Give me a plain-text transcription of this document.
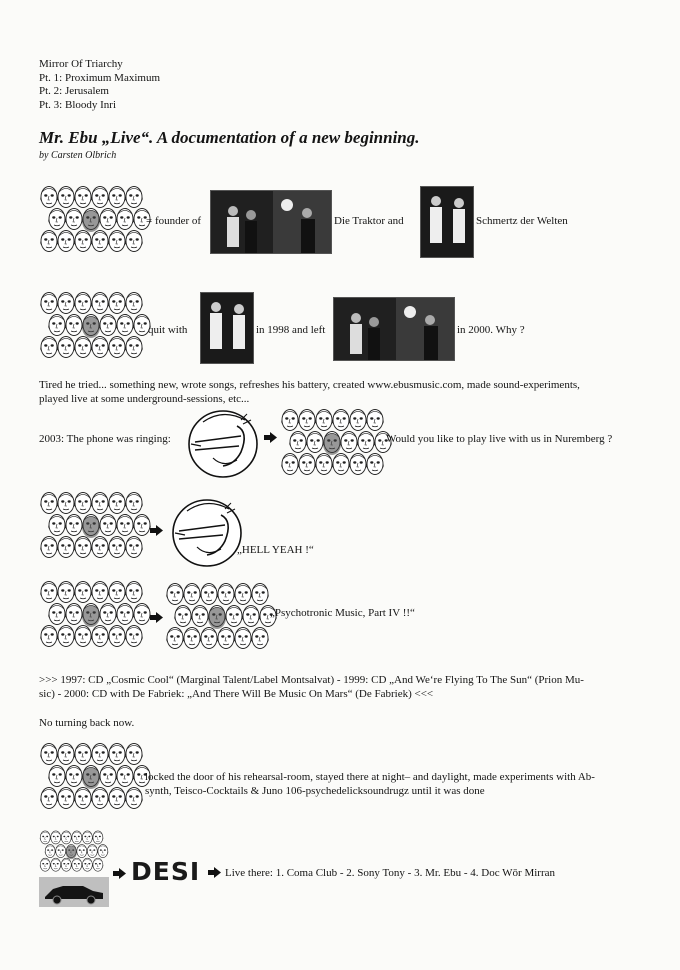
Mirror Of Triarchy
Pt. 1: Proximum Maximum
Pt. 2: Jerusalem
Pt. 3: Bloody Inri
Mr. Ebu „Live“. A documentation of a new beginning.
by Carsten Olbrich
= founder of	Die Traktor and	Schmertz der Welten
quit with	in 1998 and left	in 2000. Why ?
Tired he tried... something new, wrote songs, refreshes his battery, created www.ebusmusic.com, made sound-experiments,
played live at some underground-sessions, etc...
2003: The phone was ringing:	Would you like to play live with us in Nuremberg ?
„HELL YEAH !“
„Psychotronic Music, Part IV !!“
>>> 1997: CD „Cosmic Cool“ (Marginal Talent/Label Montsalvat) - 1999: CD „And We‘re Flying To The Sun“ (Prion Mu-
sic) - 2000: CD with De Fabriek: „And There Will Be Music On Mars“ (De Fabriek) <<<
No turning back now.
locked the door of his rehearsal-room, stayed there at night– and daylight, made experiments with Ab-
synth, Teisco-Cocktails & Juno 106-psychedelicksoundrugz until it was done
DESI Live there: 1. Coma Club - 2. Sony Tony - 3. Mr. Ebu - 4. Doc Wōr Mirran
